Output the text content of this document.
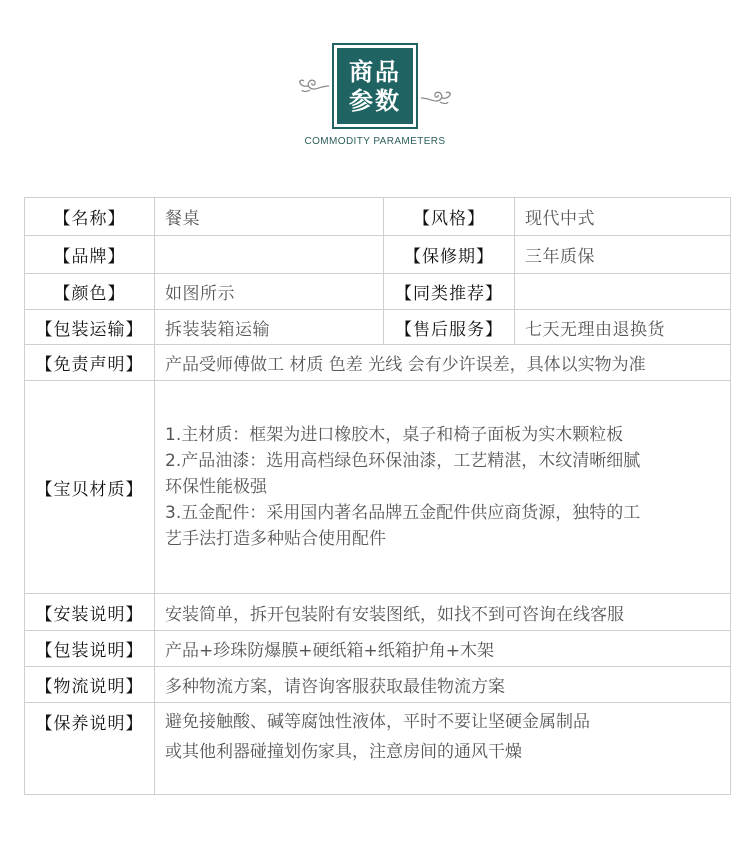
商品
参数
COMMODITY PARAMETERS
【名称】	餐桌	【风格】	现代中式
【品牌】		【保修期】	三年质保
【颜色】	如图所示	【同类推荐】	
【包装运输】	拆装装箱运输	【售后服务】	七天无理由退换货
【免责声明】	产品受师傅做工 材质 色差 光线 会有少许误差，具体以实物为准		
【宝贝材质】	1.主材质：框架为进口橡胶木，桌子和椅子面板为实木颗粒板
2.产品油漆：选用高档绿色环保油漆，工艺精湛，木纹清晰细腻
环保性能极强
3.五金配件：采用国内著名品牌五金配件供应商货源，独特的工
艺手法打造多种贴合使用配件		

【安装说明】	安装简单，拆开包装附有安装图纸，如找不到可咨询在线客服		
【包装说明】	产品+珍珠防爆膜+硬纸箱+纸箱护角+木架		
【物流说明】	多种物流方案，请咨询客服获取最佳物流方案		
【保养说明】	避免接触酸、碱等腐蚀性液体，平时不要让坚硬金属制品
或其他利器碰撞划伤家具，注意房间的通风干燥		
